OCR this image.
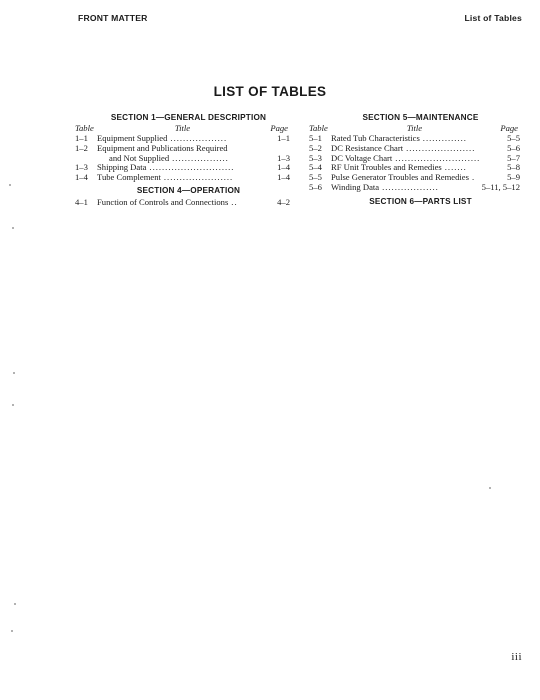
FRONT MATTER	List of Tables
LIST OF TABLES
SECTION 1—GENERAL DESCRIPTION
Table	Title	Page
1–1	Equipment Supplied ..................	1–1
1–2	Equipment and Publications Required
and Not Supplied ..................	1–3
1–3	Shipping Data ...........................	1–4
1–4	Tube Complement ......................	1–4
SECTION 4—OPERATION
4–1	Function of Controls and Connections ..	4–2
SECTION 5—MAINTENANCE
Table	Title	Page
5–1	Rated Tub Characteristics ..............	5–5
5–2	DC Resistance Chart ......................	5–6
5–3	DC Voltage Chart ...........................	5–7
5–4	RF Unit Troubles and Remedies .......	5–8
5–5	Pulse Generator Troubles and Remedies .	5–9
5–6	Winding Data ..................	5–11, 5–12
SECTION 6—PARTS LIST
iii
